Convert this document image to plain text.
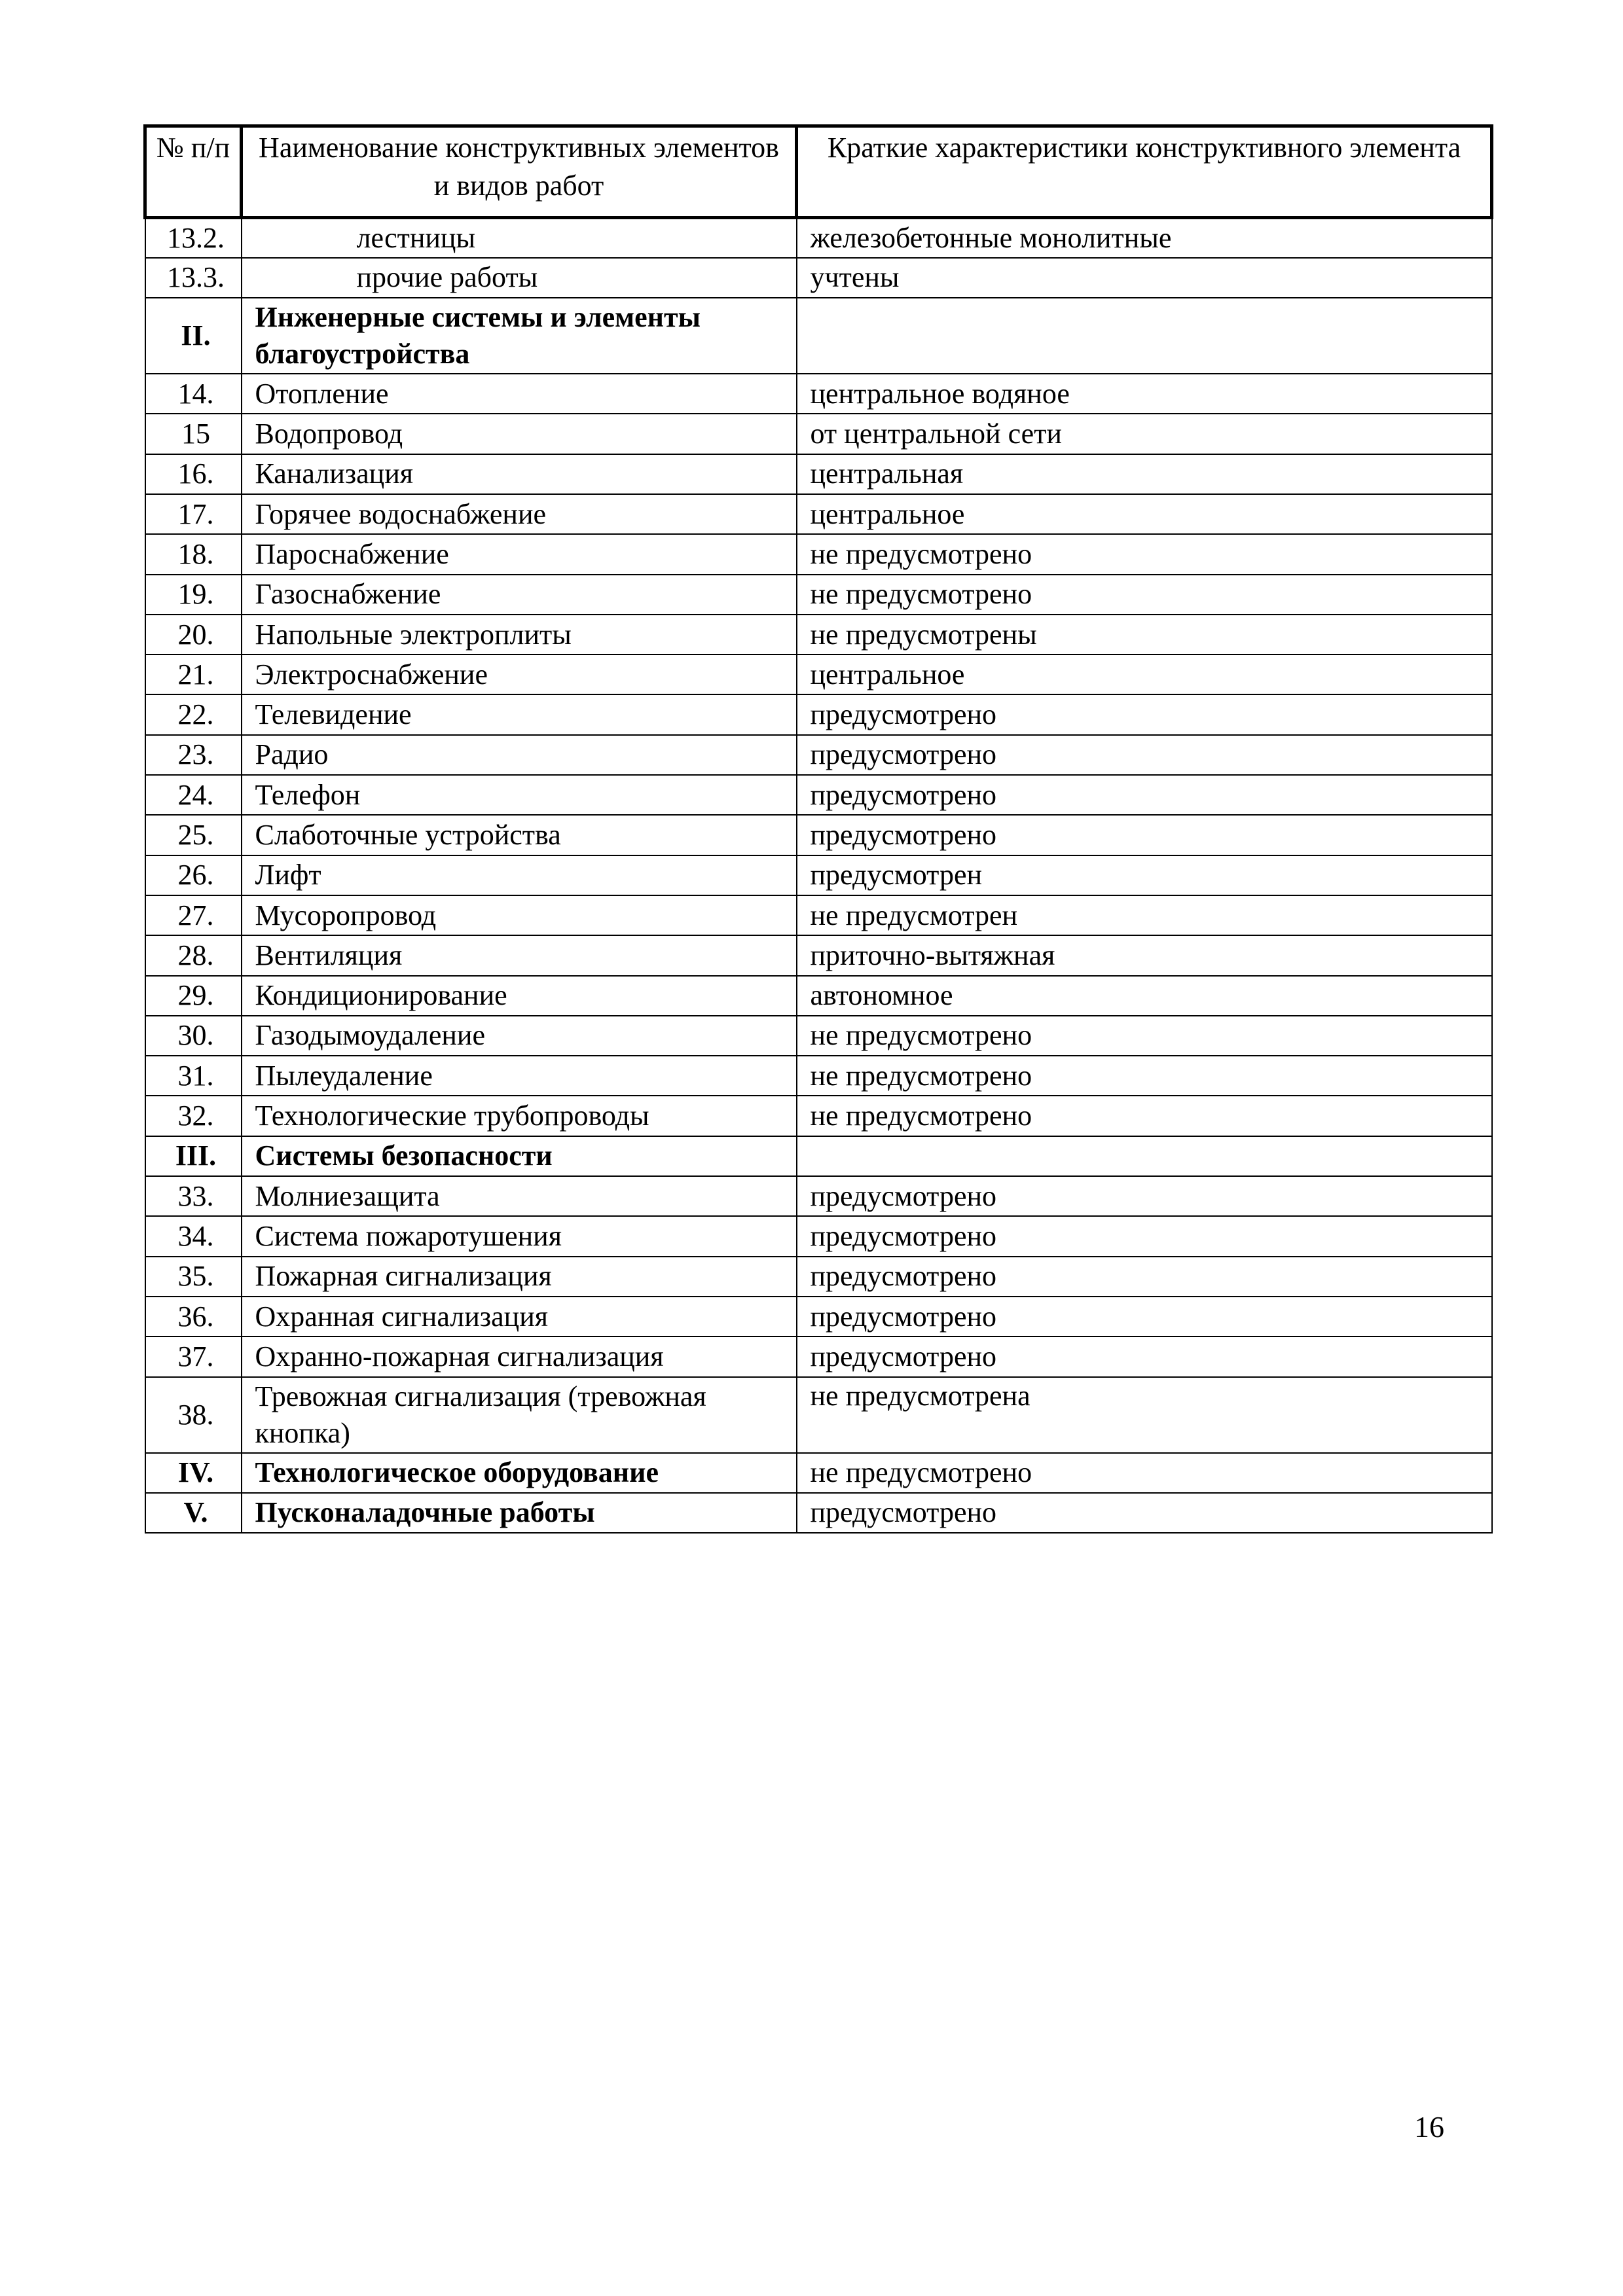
№ п/п	Наименование конструктивных элементов и видов работ	Краткие характеристики конструктивного элемента
13.2.	лестницы	железобетонные монолитные
13.3.	прочие работы	учтены
II.	Инженерные системы и элементы благоустройства	
14.	Отопление	центральное водяное
15	Водопровод	от центральной сети
16.	Канализация	центральная
17.	Горячее водоснабжение	центральное
18.	Пароснабжение	не предусмотрено
19.	Газоснабжение	не предусмотрено
20.	Напольные электроплиты	не предусмотрены
21.	Электроснабжение	центральное
22.	Телевидение	предусмотрено
23.	Радио	предусмотрено
24.	Телефон	предусмотрено
25.	Слаботочные устройства	предусмотрено
26.	Лифт	предусмотрен
27.	Мусоропровод	не предусмотрен
28.	Вентиляция	приточно-вытяжная
29.	Кондиционирование	автономное
30.	Газодымоудаление	не предусмотрено
31.	Пылеудаление	не предусмотрено
32.	Технологические трубопроводы	не предусмотрено
III.	Системы безопасности	
33.	Молниезащита	предусмотрено
34.	Система пожаротушения	предусмотрено
35.	Пожарная сигнализация	предусмотрено
36.	Охранная сигнализация	предусмотрено
37.	Охранно-пожарная сигнализация	предусмотрено
38.	Тревожная сигнализация (тревожная кнопка)	не предусмотрена
IV.	Технологическое оборудование	не предусмотрено
V.	Пусконаладочные работы	предусмотрено
16
